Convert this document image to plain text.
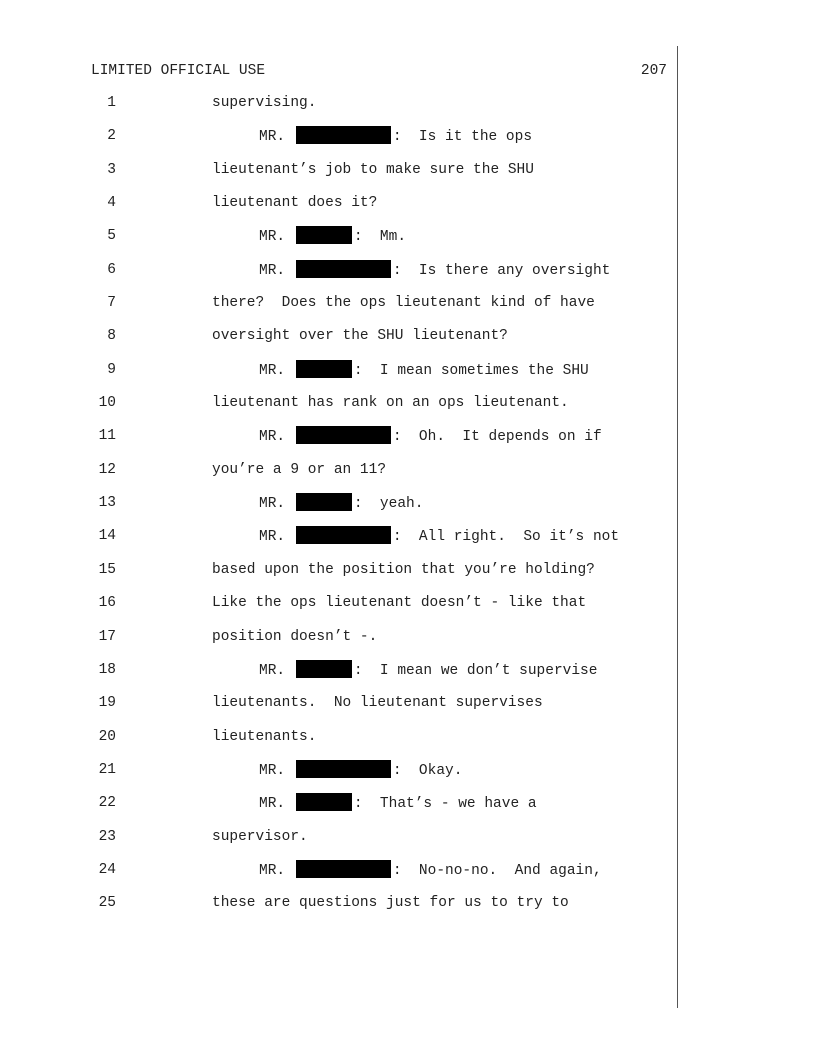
LIMITED OFFICIAL USE	207
1	supervising.
2	MR.	:  Is it the ops
3	lieutenant’s job to make sure the SHU
4	lieutenant does it?
5	MR.	:  Mm.
6	MR.	:  Is there any oversight
7	there?  Does the ops lieutenant kind of have
8	oversight over the SHU lieutenant?
9	MR.	:  I mean sometimes the SHU
10	lieutenant has rank on an ops lieutenant.
11	MR.	:  Oh.  It depends on if
12	you’re a 9 or an 11?
13	MR.	:  yeah.
14	MR.	:  All right.  So it’s not
15	based upon the position that you’re holding?
16	Like the ops lieutenant doesn’t - like that
17	position doesn’t -.
18	MR.	:  I mean we don’t supervise
19	lieutenants.  No lieutenant supervises
20	lieutenants.
21	MR.	:  Okay.
22	MR.	:  That’s - we have a
23	supervisor.
24	MR.	:  No-no-no.  And again,
25	these are questions just for us to try to
